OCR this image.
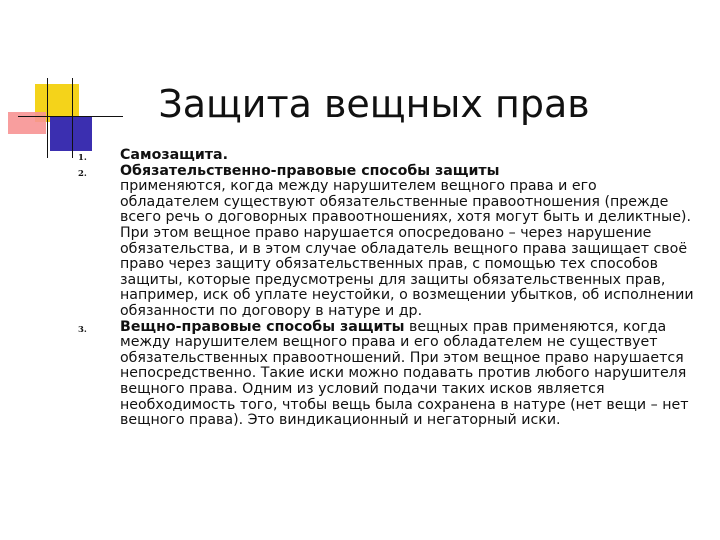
Защита вещных прав
1. Самозащита.
2. Обязательственно-правовые способы защиты
применяются, когда между нарушителем вещного права и его обладателем существуют обязательственные правоотношения (прежде всего речь о договорных правоотношениях, хотя могут быть и деликтные). При этом вещное право нарушается опосредовано – через нарушение обязательства, и в этом случае обладатель вещного права защищает своё право через защиту обязательственных прав, с помощью тех способов защиты, которые предусмотрены для защиты обязательственных прав, например, иск об уплате неустойки, о возмещении убытков, об исполнении обязанности по договору в натуре и др.
3. Вещно-правовые способы защиты вещных прав применяются, когда между нарушителем вещного права и его обладателем не существует обязательственных правоотношений. При этом вещное право нарушается непосредственно. Такие иски можно подавать против любого нарушителя вещного права. Одним из условий подачи таких исков является необходимость того, чтобы вещь была сохранена в натуре (нет вещи – нет вещного права). Это виндикационный и негаторный иски.
